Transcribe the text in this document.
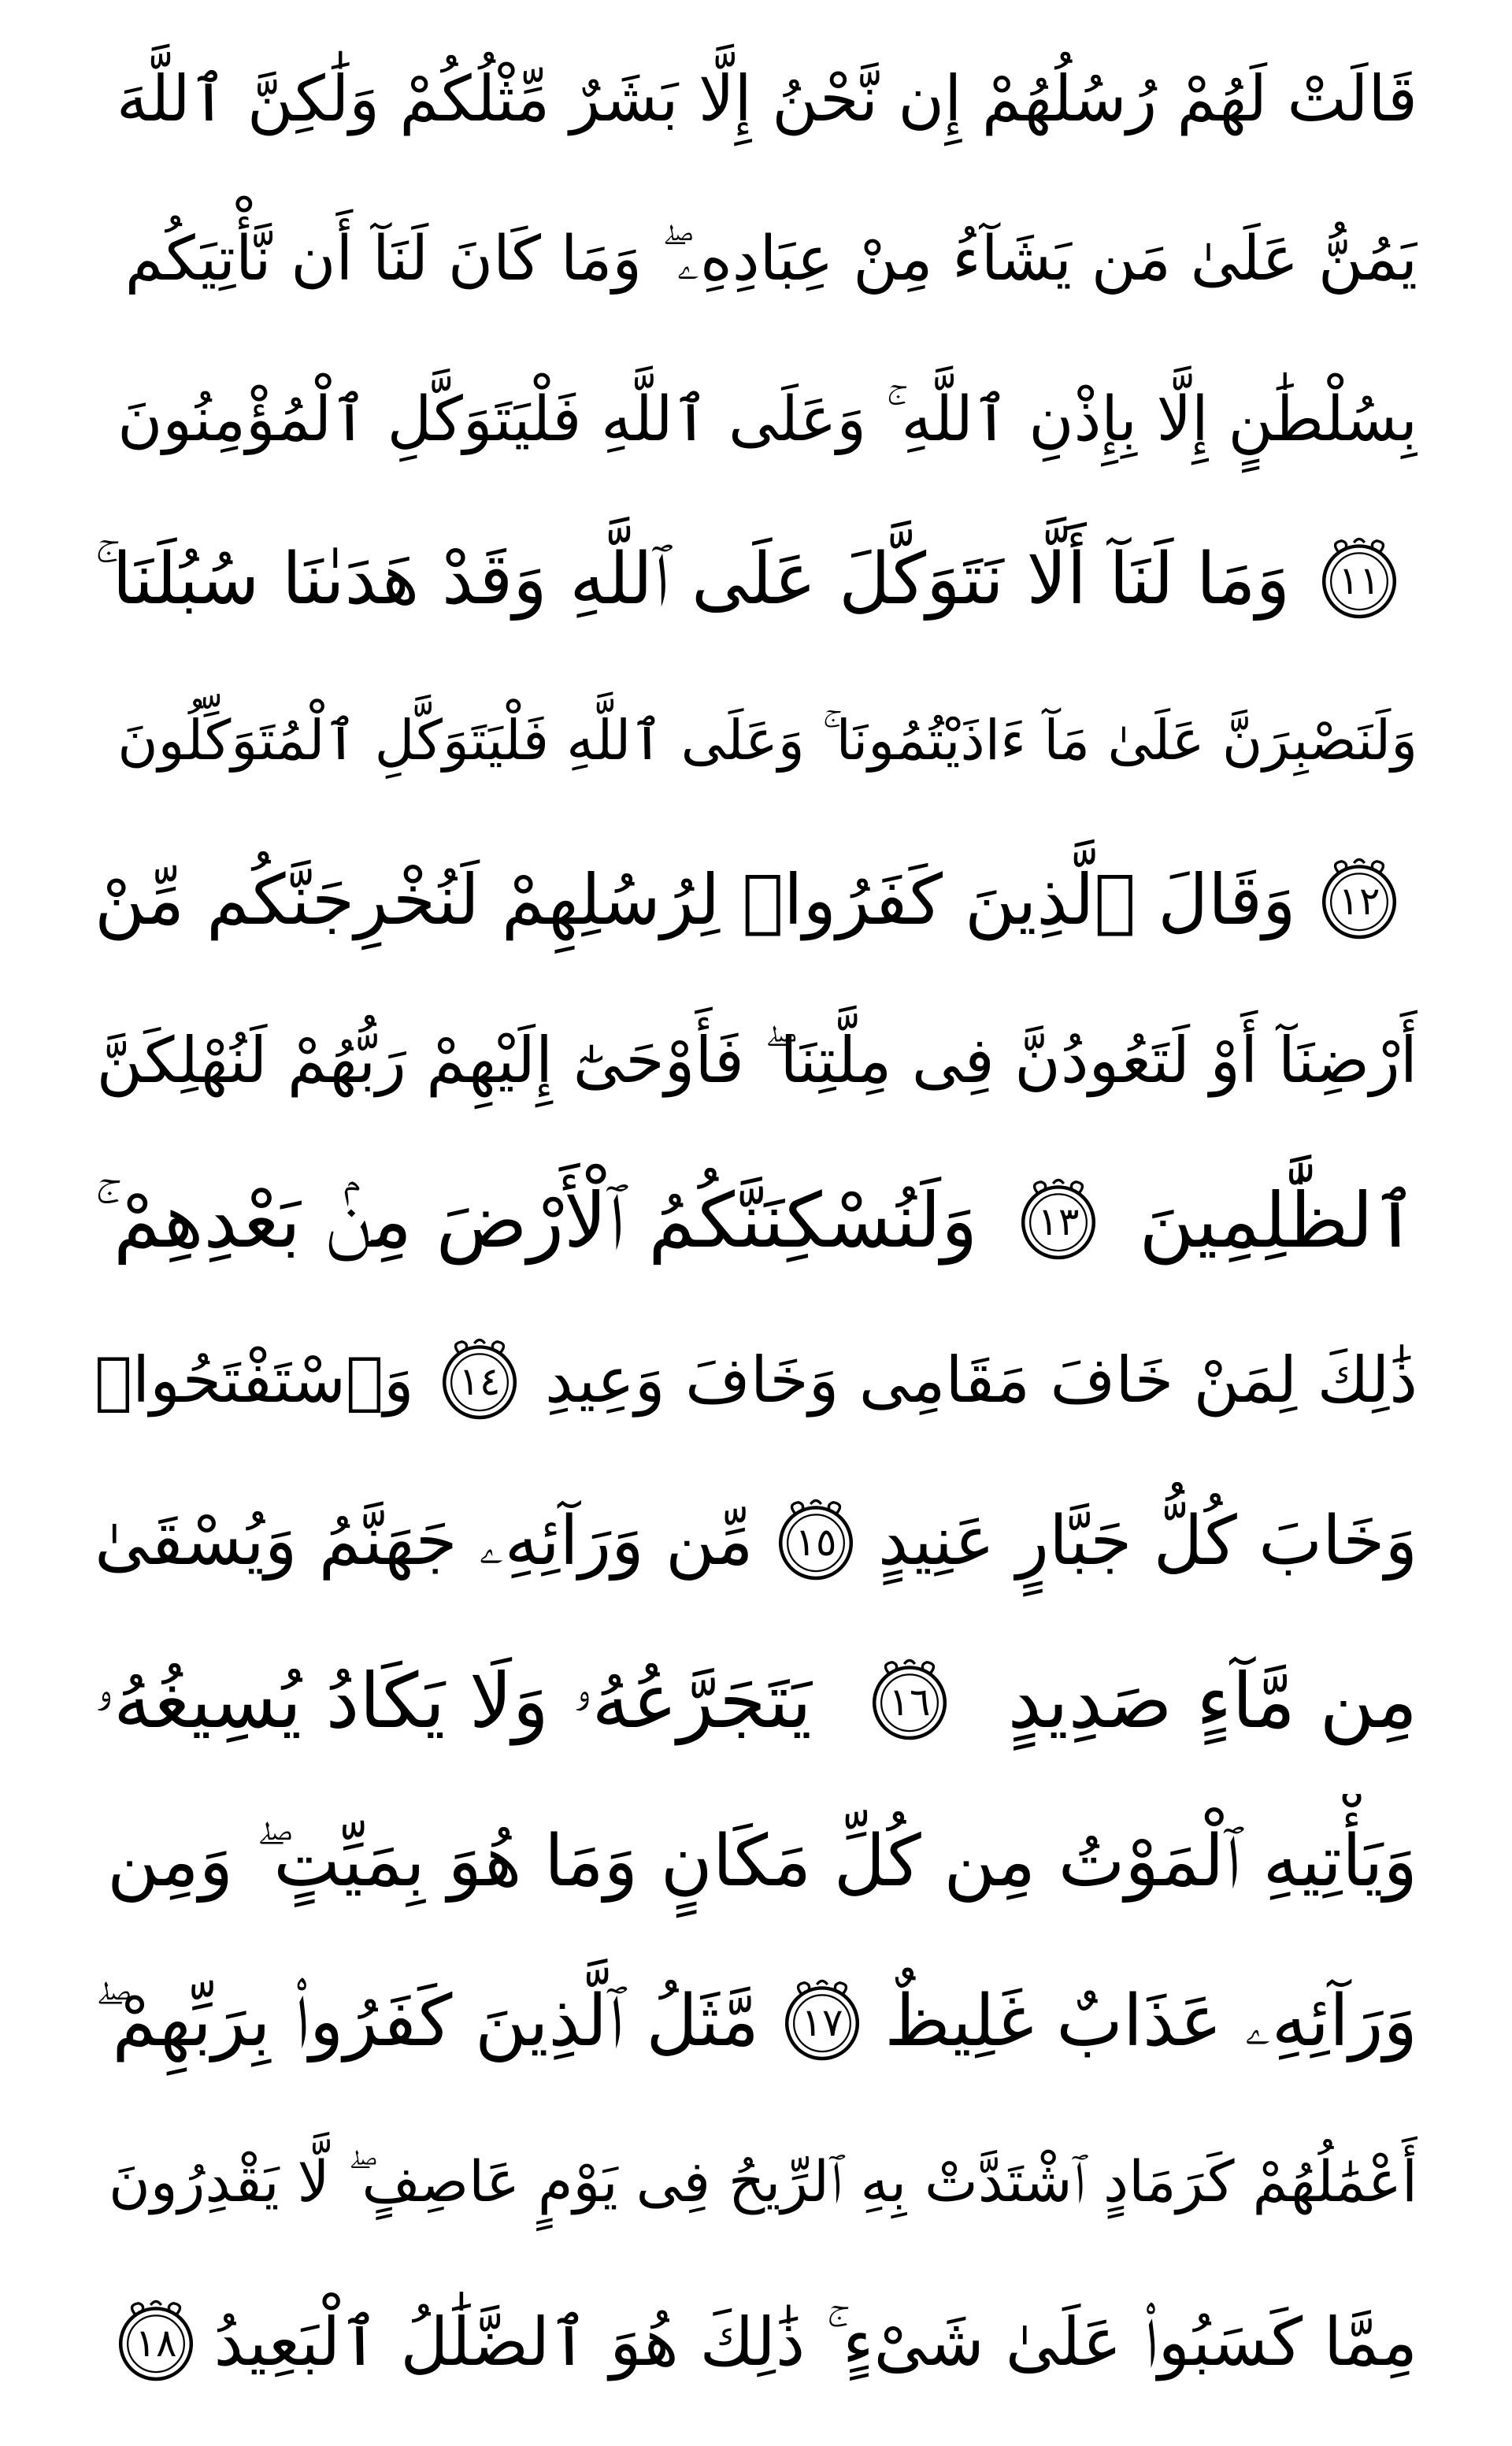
قَالَتْ لَهُمْ رُسُلُهُمْ إِن نَّحْنُ إِلَّا بَشَرٌ مِّثْلُكُمْ وَلَٰكِنَّ ٱللَّهَ
يَمُنُّ عَلَىٰ مَن يَشَآءُ مِنْ عِبَادِهِۦ ۖ وَمَا كَانَ لَنَآ أَن نَّأْتِيَكُم
بِسُلْطَٰنٍ إِلَّا بِإِذْنِ ٱللَّهِ ۚ وَعَلَى ٱللَّهِ فَلْيَتَوَكَّلِ ٱلْمُؤْمِنُونَ
١١
وَمَا لَنَآ أَلَّا نَتَوَكَّلَ عَلَى ٱللَّهِ وَقَدْ هَدَىٰنَا سُبُلَنَا ۚ
وَلَنَصْبِرَنَّ عَلَىٰ مَآ ءَاذَيْتُمُونَا ۚ وَعَلَى ٱللَّهِ فَلْيَتَوَكَّلِ ٱلْمُتَوَكِّلُونَ
١٢
وَقَالَ ٱلَّذِينَ كَفَرُوا۟ لِرُسُلِهِمْ لَنُخْرِجَنَّكُم مِّنْ
أَرْضِنَآ أَوْ لَتَعُودُنَّ فِى مِلَّتِنَا ۖ فَأَوْحَىٰٓ إِلَيْهِمْ رَبُّهُمْ لَنُهْلِكَنَّ
ٱلظَّٰلِمِينَ
١٣
وَلَنُسْكِنَنَّكُمُ ٱلْأَرْضَ مِنۢ بَعْدِهِمْ ۚ
ذَٰلِكَ لِمَنْ خَافَ مَقَامِى وَخَافَ وَعِيدِ
١٤
وَٱسْتَفْتَحُوا۟
وَخَابَ كُلُّ جَبَّارٍ عَنِيدٍ
١٥
مِّن وَرَآئِهِۦ جَهَنَّمُ وَيُسْقَىٰ
مِن مَّآءٍ صَدِيدٍ
١٦
يَتَجَرَّعُهُۥ وَلَا يَكَادُ يُسِيغُهُۥ
وَيَأْتِيهِ ٱلْمَوْتُ مِن كُلِّ مَكَانٍ وَمَا هُوَ بِمَيِّتٍ ۖ وَمِن
وَرَآئِهِۦ عَذَابٌ غَلِيظٌ
١٧
مَّثَلُ ٱلَّذِينَ كَفَرُوا۟ بِرَبِّهِمْ ۖ
أَعْمَٰلُهُمْ كَرَمَادٍ ٱشْتَدَّتْ بِهِ ٱلرِّيحُ فِى يَوْمٍ عَاصِفٍ ۖ لَّا يَقْدِرُونَ
مِمَّا كَسَبُوا۟ عَلَىٰ شَىْءٍ ۚ ذَٰلِكَ هُوَ ٱلضَّلَٰلُ ٱلْبَعِيدُ
١٨
